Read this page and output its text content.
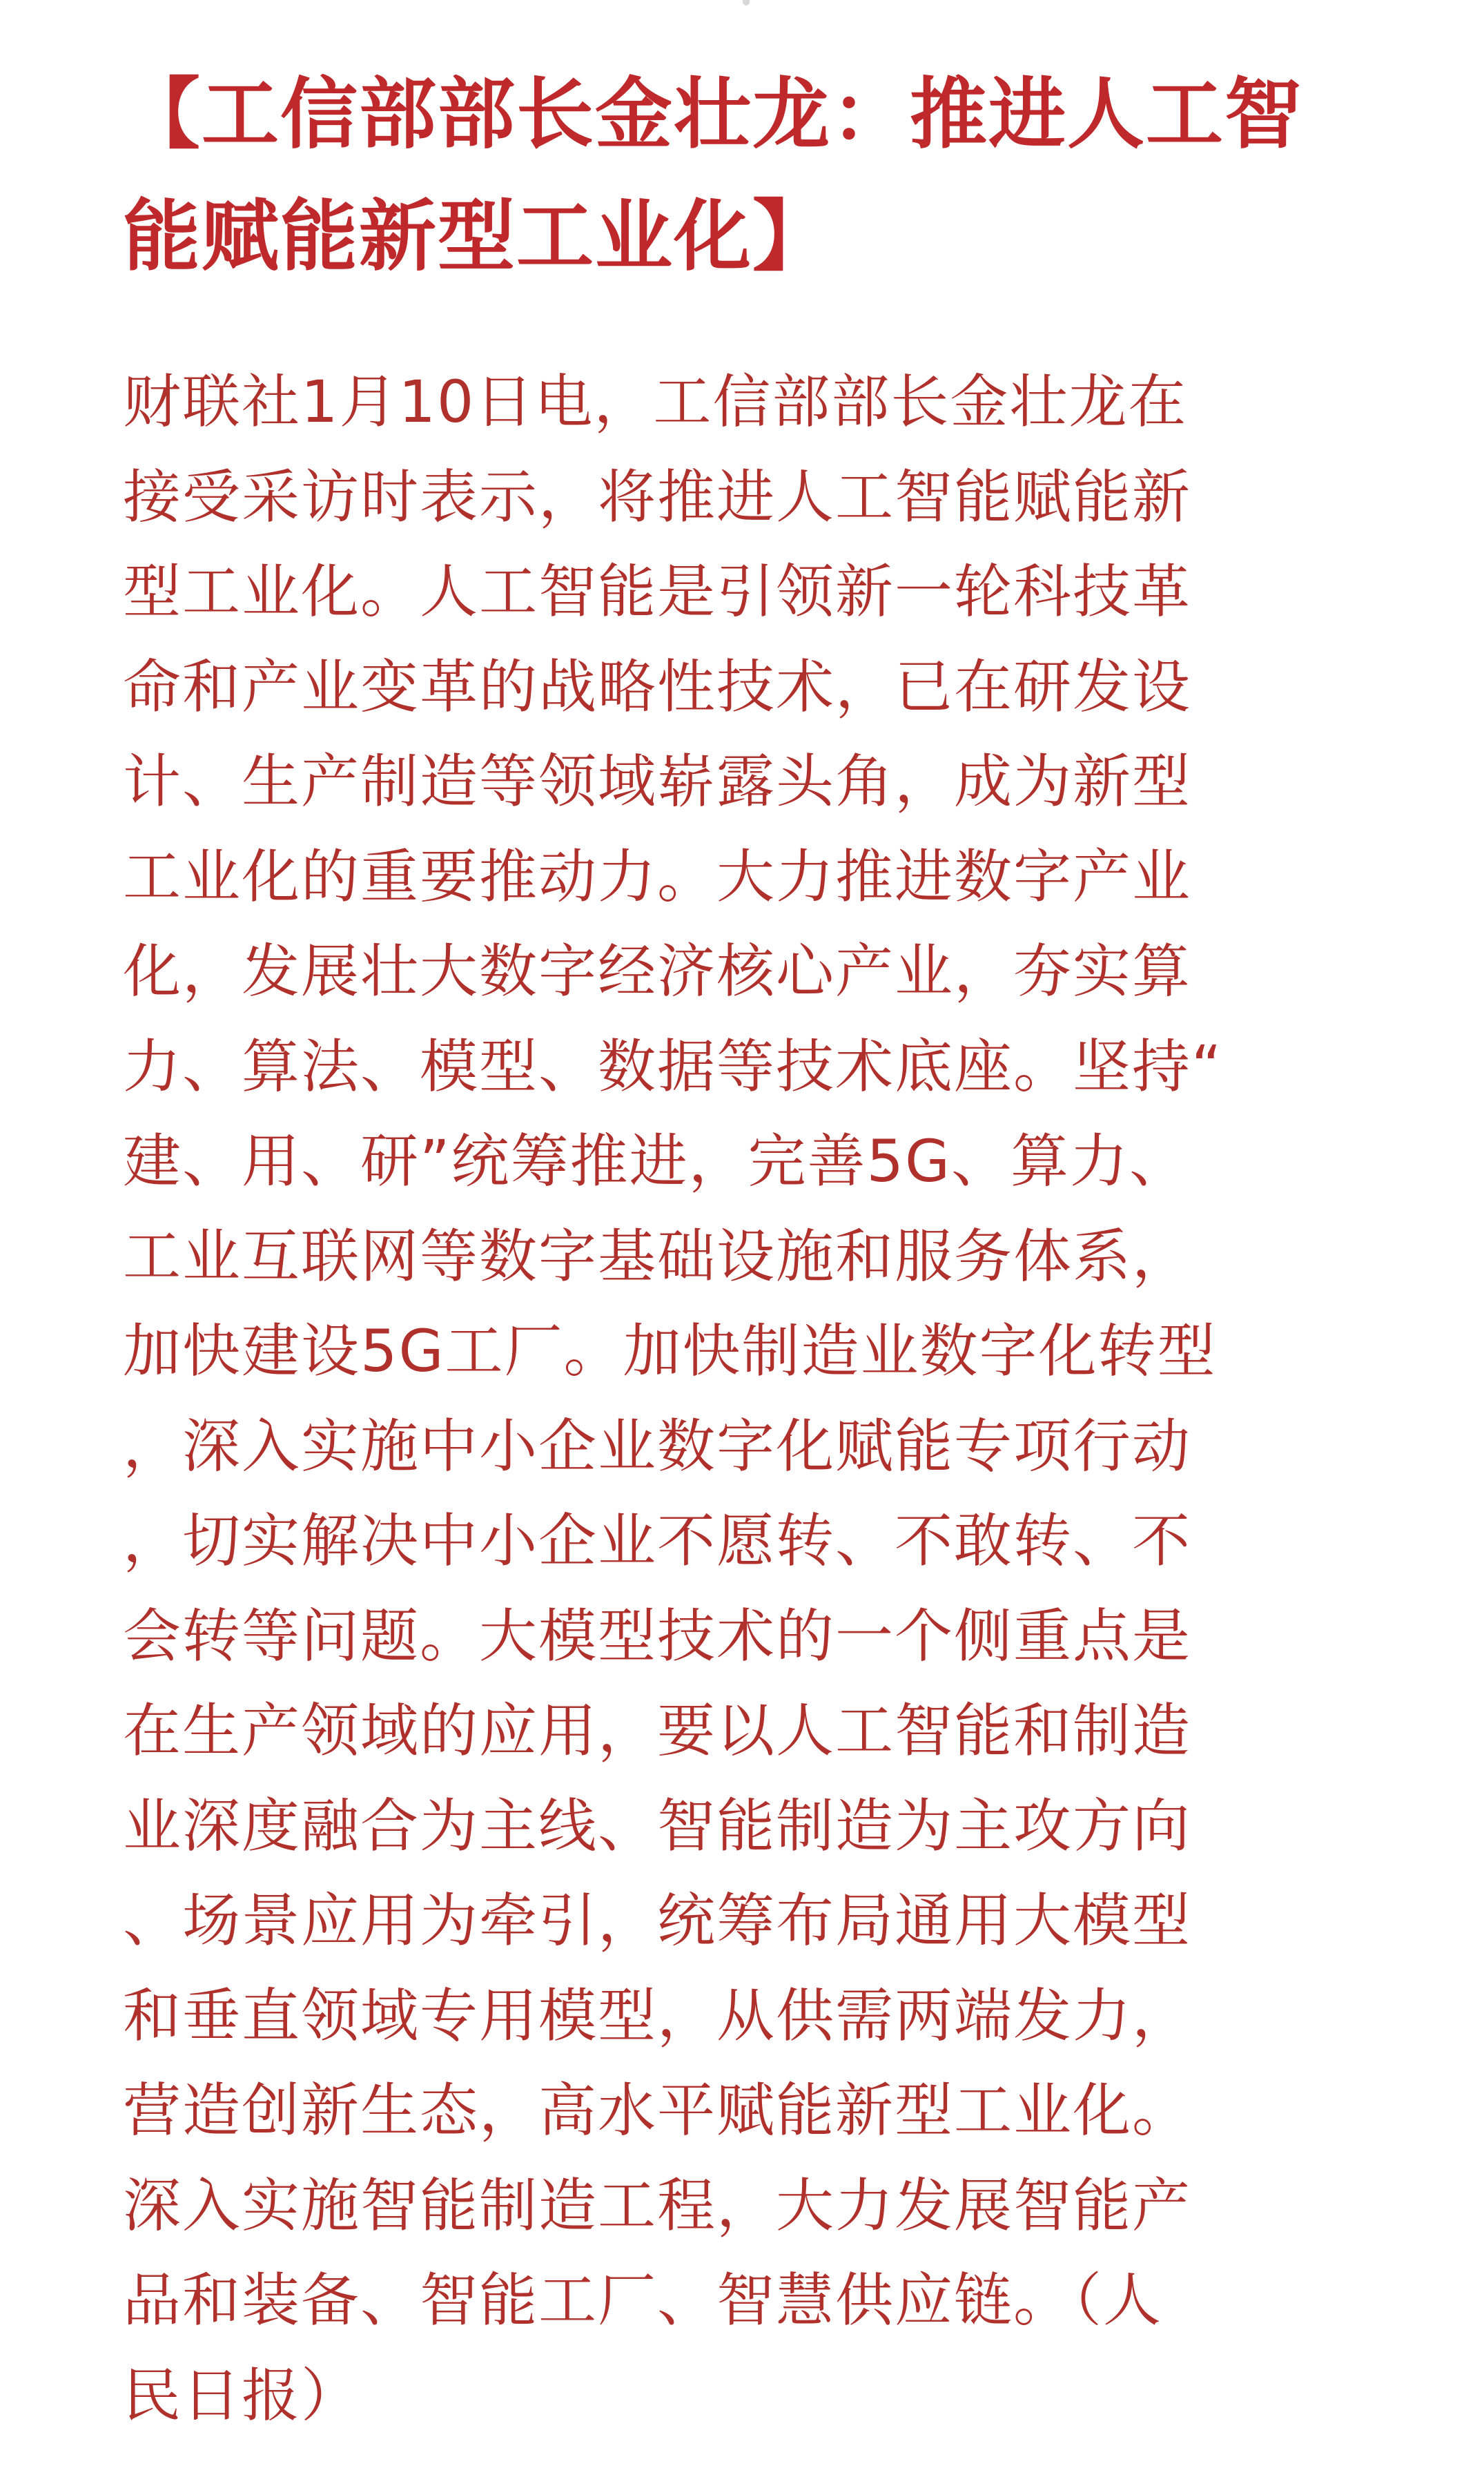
【工信部部长金壮龙：推进人工智
能赋能新型工业化】
财联社1月10日电，工信部部长金壮龙在
接受采访时表示，将推进人工智能赋能新
型工业化。人工智能是引领新一轮科技革
命和产业变革的战略性技术，已在研发设
计、生产制造等领域崭露头角，成为新型
工业化的重要推动力。大力推进数字产业
化，发展壮大数字经济核心产业，夯实算
力、算法、模型、数据等技术底座。坚持“
建、用、研”统筹推进，完善5G、算力、
工业互联网等数字基础设施和服务体系，
加快建设5G工厂。加快制造业数字化转型
，深入实施中小企业数字化赋能专项行动
，切实解决中小企业不愿转、不敢转、不
会转等问题。大模型技术的一个侧重点是
在生产领域的应用，要以人工智能和制造
业深度融合为主线、智能制造为主攻方向
、场景应用为牵引，统筹布局通用大模型
和垂直领域专用模型，从供需两端发力，
营造创新生态，高水平赋能新型工业化。
深入实施智能制造工程，大力发展智能产
品和装备、智能工厂、智慧供应链。（人
民日报）
